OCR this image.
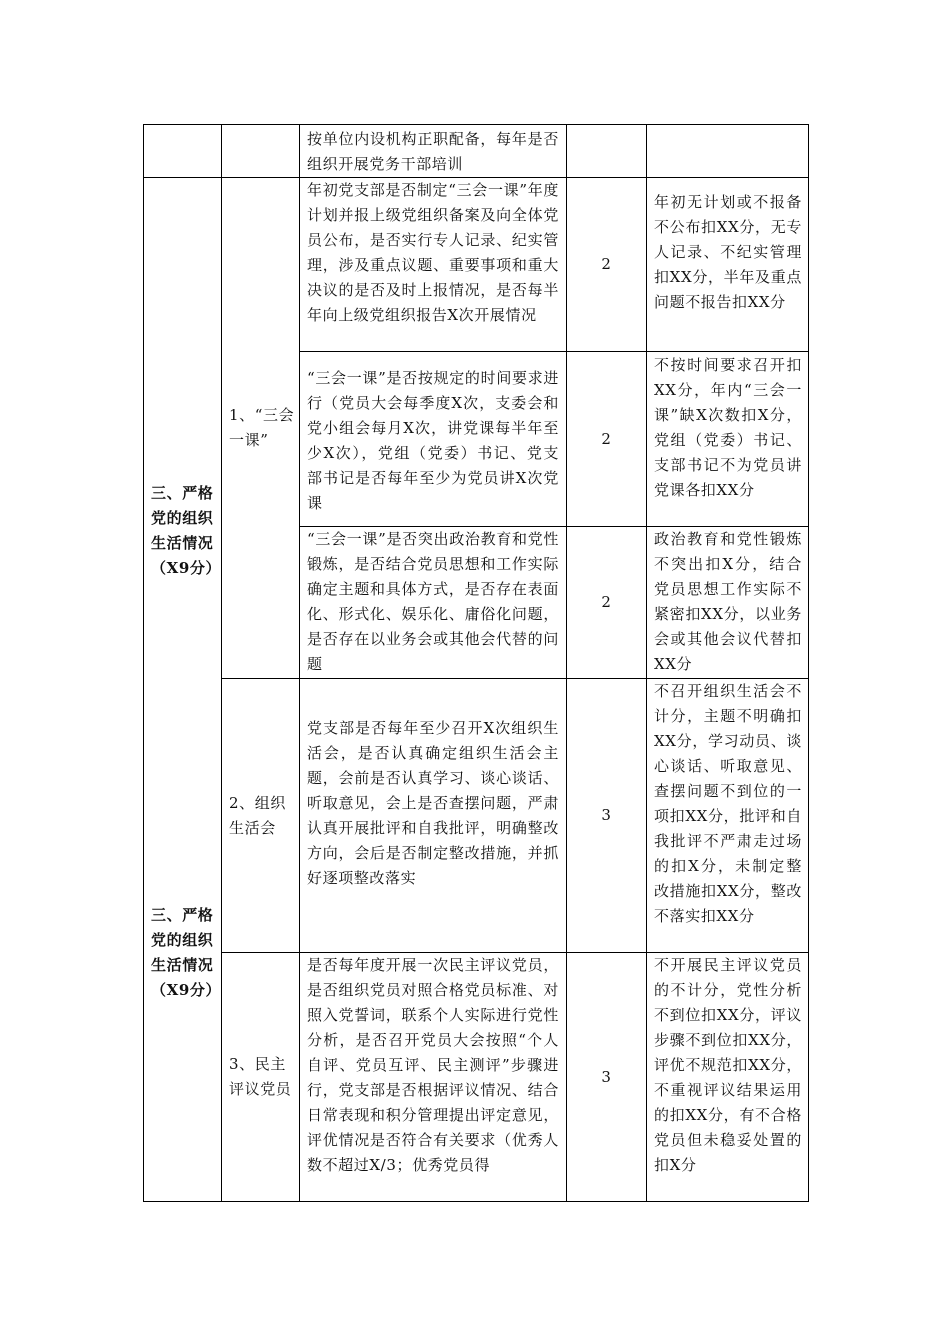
按单位内设机构正职配备，每年是否组织开展党务干部培训
三、严格党的组织生活情况（X9分）
三、严格党的组织生活情况（X9分）
1、“三会一课”
2、组织生活会
3、民主评议党员
年初党支部是否制定“三会一课”年度计划并报上级党组织备案及向全体党员公布，是否实行专人记录、纪实管理，涉及重点议题、重要事项和重大决议的是否及时上报情况，是否每半年向上级党组织报告X次开展情况
2
年初无计划或不报备不公布扣XX分，无专人记录、不纪实管理扣XX分，半年及重点问题不报告扣XX分
“三会一课”是否按规定的时间要求进行（党员大会每季度X次，支委会和党小组会每月X次，讲党课每半年至少X次），党组（党委）书记、党支部书记是否每年至少为党员讲X次党课
2
不按时间要求召开扣XX分，年内“三会一课”缺X次数扣X分，党组（党委）书记、支部书记不为党员讲党课各扣XX分
“三会一课”是否突出政治教育和党性锻炼，是否结合党员思想和工作实际确定主题和具体方式，是否存在表面化、形式化、娱乐化、庸俗化问题，是否存在以业务会或其他会代替的问题
2
政治教育和党性锻炼不突出扣X分，结合党员思想工作实际不紧密扣XX分，以业务会或其他会议代替扣XX分
党支部是否每年至少召开X次组织生活会，是否认真确定组织生活会主题，会前是否认真学习、谈心谈话、听取意见，会上是否查摆问题，严肃认真开展批评和自我批评，明确整改方向，会后是否制定整改措施，并抓好逐项整改落实
3
不召开组织生活会不计分，主题不明确扣XX分，学习动员、谈心谈话、听取意见、查摆问题不到位的一项扣XX分，批评和自我批评不严肃走过场的扣X分，未制定整改措施扣XX分，整改不落实扣XX分
是否每年度开展一次民主评议党员，是否组织党员对照合格党员标准、对照入党誓词，联系个人实际进行党性分析，是否召开党员大会按照“个人自评、党员互评、民主测评”步骤进行，党支部是否根据评议情况、结合日常表现和积分管理提出评定意见，评优情况是否符合有关要求（优秀人数不超过X/3；优秀党员得
3
不开展民主评议党员的不计分，党性分析不到位扣XX分，评议步骤不到位扣XX分，评优不规范扣XX分，不重视评议结果运用的扣XX分，有不合格党员但未稳妥处置的扣X分
